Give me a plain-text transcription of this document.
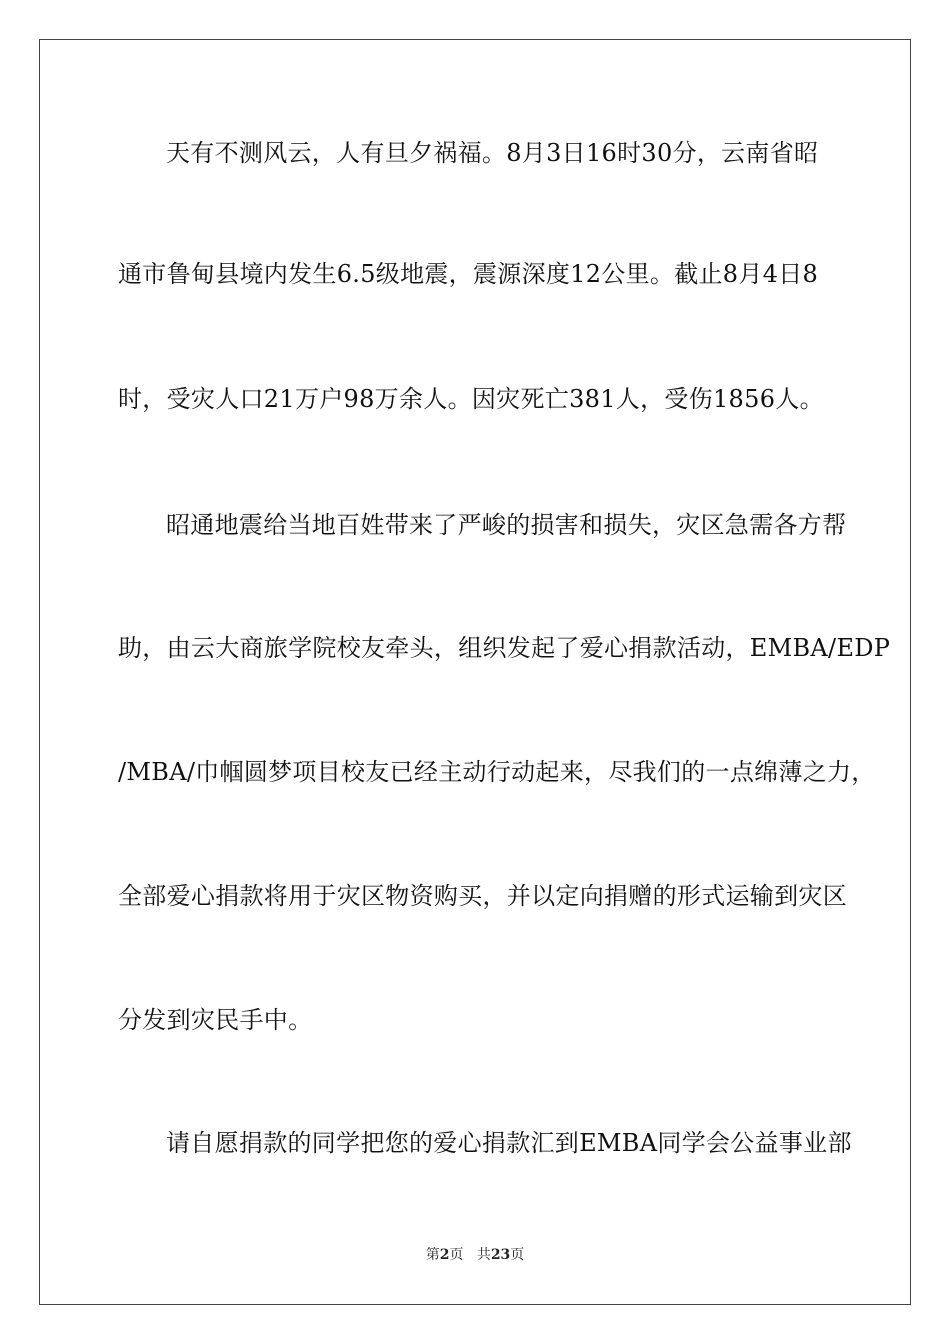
天有不测风云，人有旦夕祸福。8月3日16时30分，云南省昭
通市鲁甸县境内发生6.5级地震，震源深度12公里。截止8月4日8
时，受灾人口21万户98万余人。因灾死亡381人，受伤1856人。
昭通地震给当地百姓带来了严峻的损害和损失，灾区急需各方帮
助，由云大商旅学院校友牵头，组织发起了爱心捐款活动，EMBA/EDP
/MBA/巾帼圆梦项目校友已经主动行动起来，尽我们的一点绵薄之力，
全部爱心捐款将用于灾区物资购买，并以定向捐赠的形式运输到灾区
分发到灾民手中。
请自愿捐款的同学把您的爱心捐款汇到EMBA同学会公益事业部
第2页 共23页
